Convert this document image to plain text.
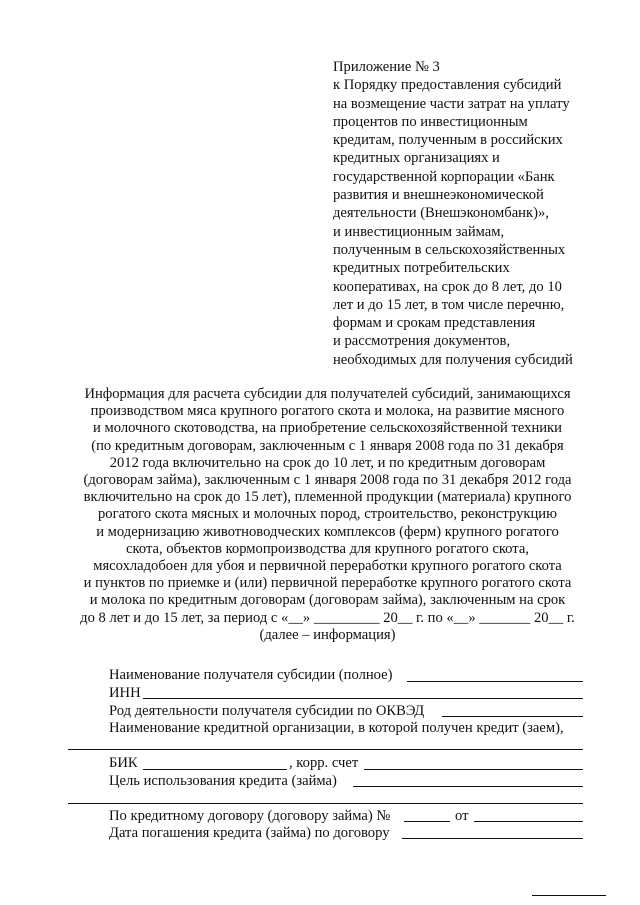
Приложение № 3
к Порядку предоставления субсидий
на возмещение части затрат на уплату
процентов по инвестиционным
кредитам, полученным в российских
кредитных организациях и
государственной корпорации «Банк
развития и внешнеэкономической
деятельности (Внешэкономбанк)»,
и инвестиционным займам,
полученным в сельскохозяйственных
кредитных потребительских
кооперативах, на срок до 8 лет, до 10
лет и до 15 лет, в том числе перечню,
формам и срокам представления
и рассмотрения документов,
необходимых для получения субсидий
Информация для расчета субсидии для получателей субсидий, занимающихся
производством мяса крупного рогатого скота и молока, на развитие мясного
и молочного скотоводства, на приобретение сельскохозяйственной техники
(по кредитным договорам, заключенным с 1 января 2008 года по 31 декабря
2012 года включительно на срок до 10 лет, и по кредитным договорам
(договорам займа), заключенным с 1 января 2008 года по 31 декабря 2012 года
включительно на срок до 15 лет), племенной продукции (материала) крупного
рогатого скота мясных и молочных пород, строительство, реконструкцию
и модернизацию животноводческих комплексов (ферм) крупного рогатого
скота, объектов кормопроизводства для крупного рогатого скота,
мясохладобоен для убоя и первичной переработки крупного рогатого скота
и пунктов по приемке и (или) первичной переработке крупного рогатого скота
и молока по кредитным договорам (договорам займа), заключенным на срок
до 8 лет и до 15 лет, за период с «__» _________ 20__ г. по «__» _______ 20__ г.
(далее – информация)
Наименование получателя субсидии (полное)
ИНН
Род деятельности получателя субсидии по ОКВЭД
Наименование кредитной организации, в которой получен кредит (заем),
БИК	, корр. счет
Цель использования кредита (займа)
По кредитному договору (договору займа) №	от
Дата погашения кредита (займа) по договору
